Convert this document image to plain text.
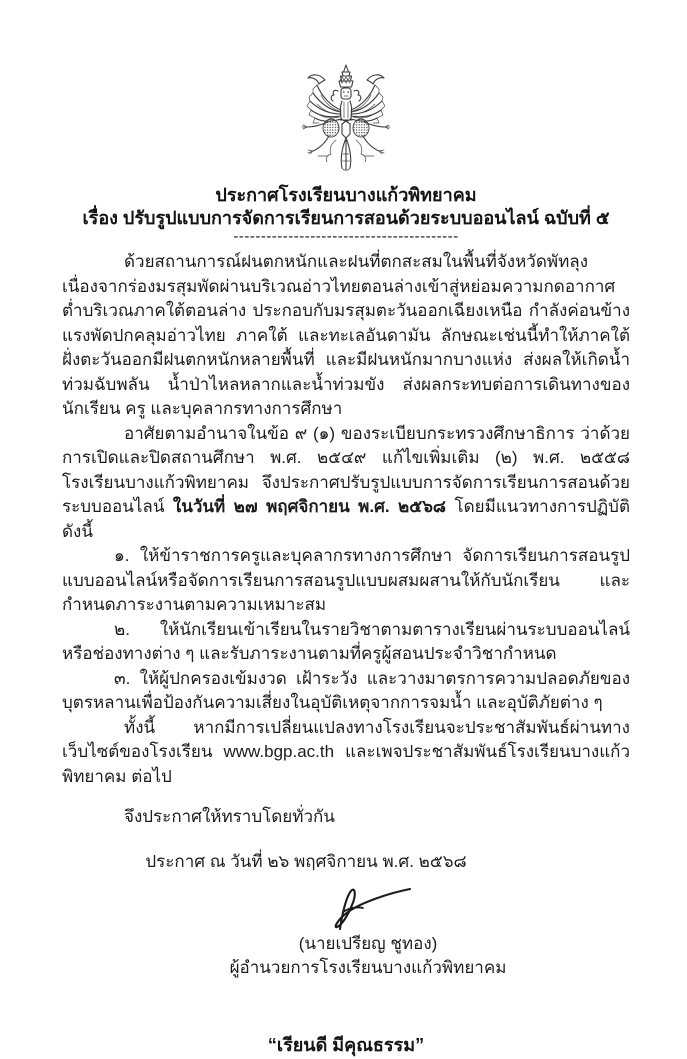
ประกาศโรงเรียนบางแก้วพิทยาคม
เรื่อง ปรับรูปแบบการจัดการเรียนการสอนด้วยระบบออนไลน์ ฉบับที่ ๕
-----------------------------------------

ด้วยสถานการณ์ฝนตกหนักและฝนที่ตกสะสมในพื้นที่จังหวัดพัทลุง เนื่องจากร่องมรสุมพัดผ่านบริเวณอ่าวไทยตอนล่างเข้าสู่หย่อมความกดอากาศต่ำบริเวณภาคใต้ตอนล่าง ประกอบกับมรสุมตะวันออกเฉียงเหนือ กำลังค่อนข้างแรงพัดปกคลุมอ่าวไทย ภาคใต้ และทะเลอันดามัน ลักษณะเช่นนี้ทำให้ภาคใต้ฝั่งตะวันออกมีฝนตกหนักหลายพื้นที่ และมีฝนหนักมากบางแห่ง ส่งผลให้เกิดน้ำท่วมฉับพลัน น้ำป่าไหลหลากและน้ำท่วมขัง ส่งผลกระทบต่อการเดินทางของนักเรียน ครู และบุคลากรทางการศึกษา

อาศัยตามอำนาจในข้อ ๙ (๑) ของระเบียบกระทรวงศึกษาธิการ ว่าด้วยการเปิดและปิดสถานศึกษา พ.ศ. ๒๕๔๙ แก้ไขเพิ่มเติม (๒) พ.ศ. ๒๕๕๘ โรงเรียนบางแก้วพิทยาคม จึงประกาศปรับรูปแบบการจัดการเรียนการสอนด้วยระบบออนไลน์ ในวันที่ ๒๗ พฤศจิกายน พ.ศ. ๒๕๖๘ โดยมีแนวทางการปฏิบัติดังนี้

๑. ให้ข้าราชการครูและบุคลากรทางการศึกษา จัดการเรียนการสอนรูปแบบออนไลน์หรือจัดการเรียนการสอนรูปแบบผสมผสานให้กับนักเรียน และกำหนดภาระงานตามความเหมาะสม

๒. ให้นักเรียนเข้าเรียนในรายวิชาตามตารางเรียนผ่านระบบออนไลน์ หรือช่องทางต่าง ๆ และรับภาระงานตามที่ครูผู้สอนประจำวิชากำหนด

๓. ให้ผู้ปกครองเข้มงวด เฝ้าระวัง และวางมาตรการความปลอดภัยของบุตรหลานเพื่อป้องกันความเสี่ยงในอุบัติเหตุจากการจมน้ำ และอุบัติภัยต่าง ๆ

ทั้งนี้ หากมีการเปลี่ยนแปลงทางโรงเรียนจะประชาสัมพันธ์ผ่านทางเว็บไซต์ของโรงเรียน www.bgp.ac.th และเพจประชาสัมพันธ์โรงเรียนบางแก้วพิทยาคม ต่อไป

จึงประกาศให้ทราบโดยทั่วกัน

ประกาศ ณ วันที่ ๒๖ พฤศจิกายน พ.ศ. ๒๕๖๘
(นายเปรียญ ชูทอง)
ผู้อำนวยการโรงเรียนบางแก้วพิทยาคม
“เรียนดี มีคุณธรรม”
